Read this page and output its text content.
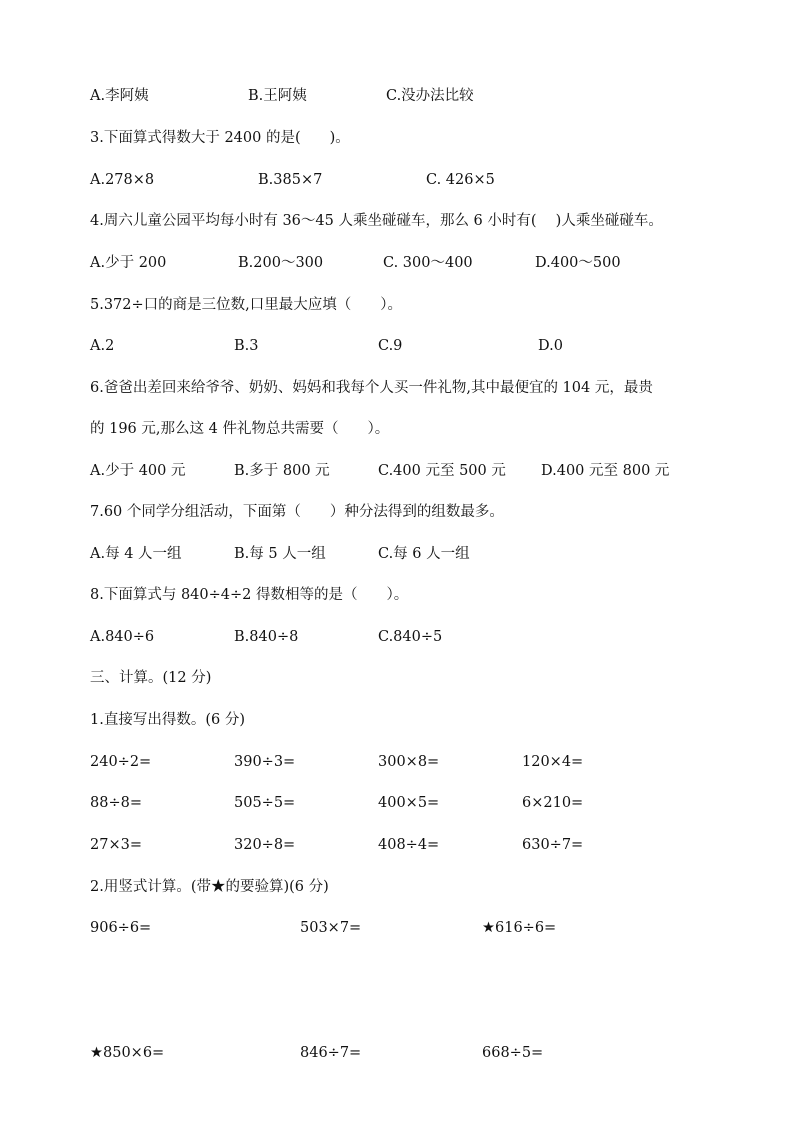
A.李阿姨	B.王阿姨	C.没办法比较
3.下面算式得数大于 2400 的是(　　)。
A.278×8	B.385×7	C. 426×5
4.周六儿童公园平均每小时有 36～45 人乘坐碰碰车，那么 6 小时有(　 )人乘坐碰碰车。
A.少于 200	B.200～300	C. 300～400	D.400～500
5.372÷口的商是三位数,口里最大应填（　　）。
A.2	B.3	C.9	D.0
6.爸爸出差回来给爷爷、奶奶、妈妈和我每个人买一件礼物,其中最便宜的 104 元，最贵
的 196 元,那么这 4 件礼物总共需要（　　）。
A.少于 400 元	B.多于 800 元	C.400 元至 500 元 D.400 元至 800 元
7.60 个同学分组活动，下面第（　　）种分法得到的组数最多。
A.每 4 人一组	B.每 5 人一组	C.每 6 人一组
8.下面算式与 840÷4÷2 得数相等的是（　　）。
A.840÷6	B.840÷8	C.840÷5
三、计算。(12 分)
1.直接写出得数。(6 分)
240÷2=	390÷3=	300×8=	120×4=
88÷8=	505÷5=	400×5=	6×210=
27×3=	320÷8=	408÷4=	630÷7=
2.用竖式计算。(带★的要验算)(6 分)
906÷6=	503×7=	★616÷6=
★850×6=	846÷7=	668÷5=
